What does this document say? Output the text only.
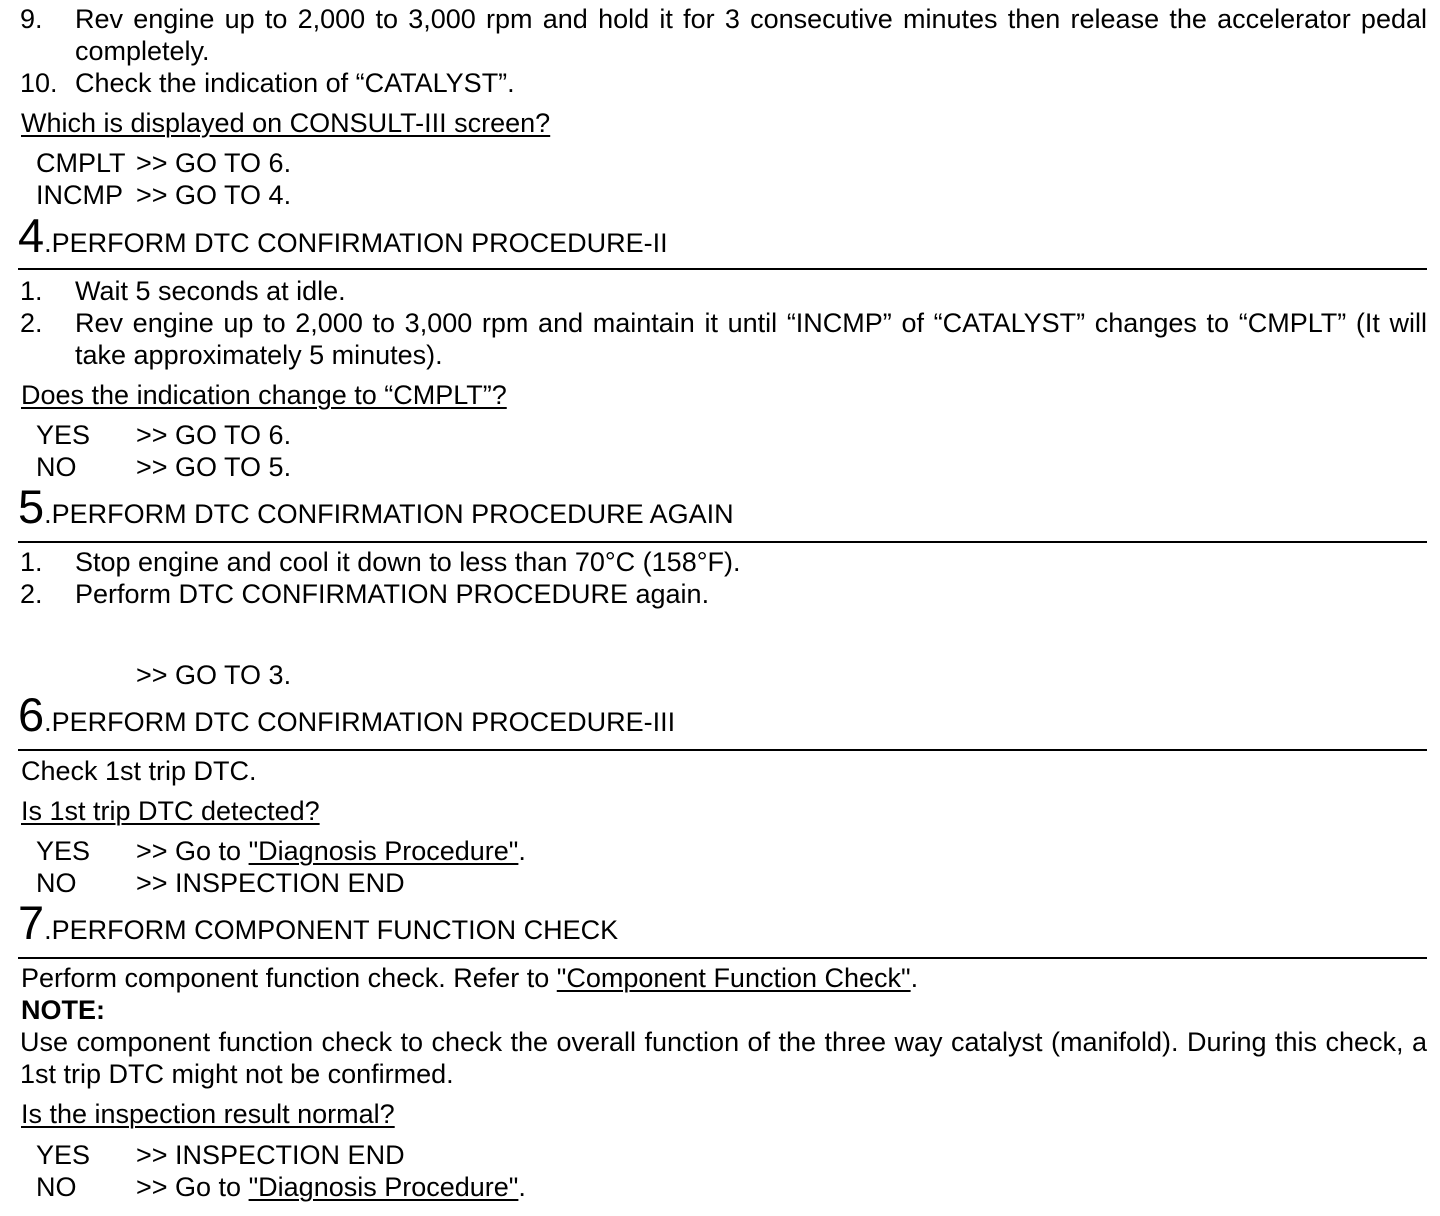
9. Rev engine up to 2,000 to 3,000 rpm and hold it for 3 consecutive minutes then release the accelerator pedal completely.
10. Check the indication of “CATALYST”.
Which is displayed on CONSULT-III screen?
CMPLT >> GO TO 6.
INCMP >> GO TO 4.
4.PERFORM DTC CONFIRMATION PROCEDURE-II
1. Wait 5 seconds at idle.
2. Rev engine up to 2,000 to 3,000 rpm and maintain it until “INCMP” of “CATALYST” changes to “CMPLT” (It will take approximately 5 minutes).
Does the indication change to “CMPLT”?
YES >> GO TO 6.
NO >> GO TO 5.
5.PERFORM DTC CONFIRMATION PROCEDURE AGAIN
1. Stop engine and cool it down to less than 70°C (158°F).
2. Perform DTC CONFIRMATION PROCEDURE again.
>> GO TO 3.
6.PERFORM DTC CONFIRMATION PROCEDURE-III
Check 1st trip DTC.
Is 1st trip DTC detected?
YES >> Go to "Diagnosis Procedure".
NO >> INSPECTION END
7.PERFORM COMPONENT FUNCTION CHECK
Perform component function check. Refer to "Component Function Check".
NOTE:
Use component function check to check the overall function of the three way catalyst (manifold). During this check, a 1st trip DTC might not be confirmed.
Is the inspection result normal?
YES >> INSPECTION END
NO >> Go to "Diagnosis Procedure".
